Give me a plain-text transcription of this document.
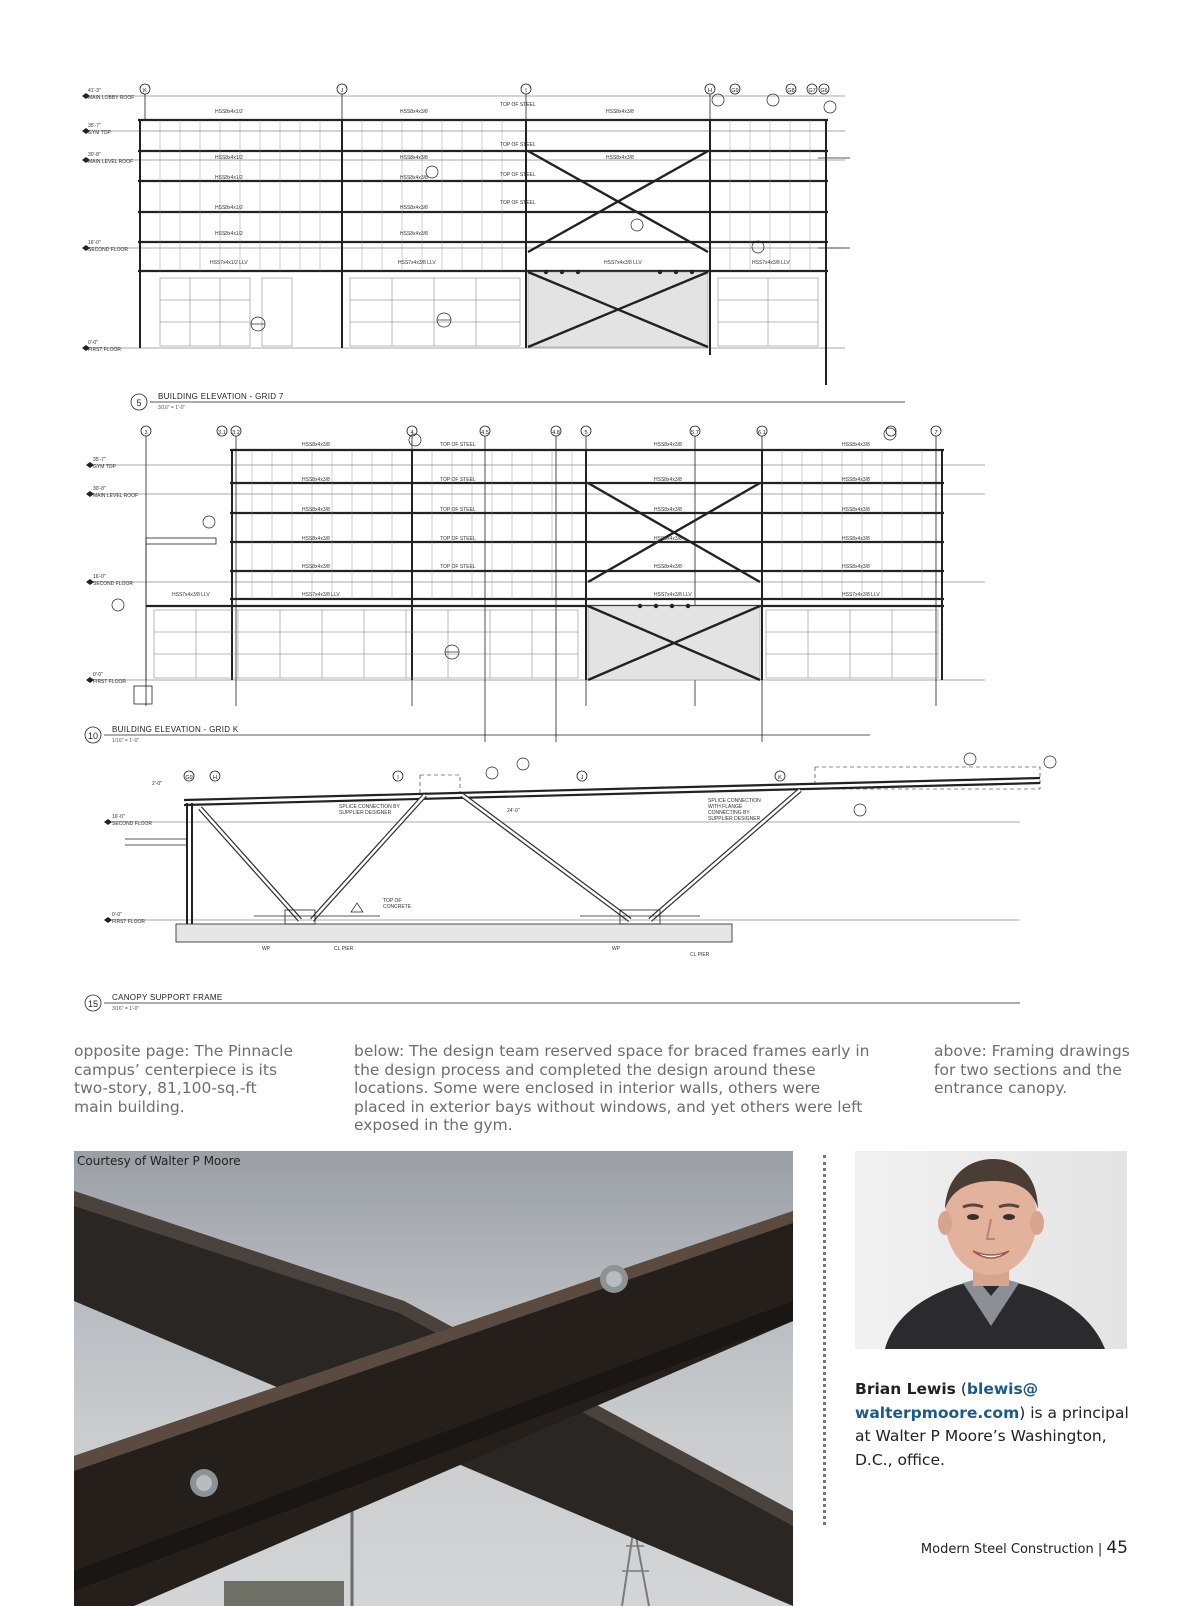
41'-3"
MAIN LOBBY ROOF
35'-7"
GYM TOP
30'-8"
MAIN LEVEL ROOF
16'-0"
SECOND FLOOR
0'-0"
FIRST FLOOR
HSS8x4x1/2	HSS8x4x3/8	HSS8x4x3/8
HSS8x4x1/2	HSS8x4x3/8	HSS8x4x3/8
HSS8x4x1/2	HSS8x4x3/8
HSS8x4x1/2	HSS8x4x3/8
HSS8x4x1/2	HSS8x4x3/8
HSS7x4x1/2 LLV	HSS7x4x3/8 LLV	HSS7x4x3/8 LLV	HSS7x4x3/8 LLV
TOP OF STEEL
TOP OF STEEL
TOP OF STEEL
TOP OF STEEL
5
BUILDING ELEVATION - GRID 7
3/16" = 1'-0"
35'-7"
GYM TOP
30'-8"
MAIN LEVEL ROOF
16'-0"
SECOND FLOOR
0'-0"
FIRST FLOOR
HSS8x4x3/8	HSS8x4x3/8	HSS8x4x3/8
HSS8x4x3/8	HSS8x4x3/8	HSS8x4x3/8
HSS8x4x3/8	HSS8x4x3/8	HSS8x4x3/8
HSS8x4x3/8	HSS8x4x3/8	HSS8x4x3/8
HSS8x4x3/8	HSS8x4x3/8	HSS8x4x3/8
HSS7x4x3/8 LLV	HSS7x4x3/8 LLV	HSS7x4x3/8 LLV	HSS7x4x3/8 LLV
TOP OF STEEL
TOP OF STEEL
TOP OF STEEL
TOP OF STEEL
TOP OF STEEL
10
BUILDING ELEVATION - GRID K
1/16" = 1'-0"
16'-0"
SECOND FLOOR
0'-0"
FIRST FLOOR
SPLICE CONNECTION BY
SUPPLIER DESIGNER
SPLICE CONNECTION
WITH FLANGE
CONNECTING BY
SUPPLIER DESIGNER
24'-0"
WP	CL PIER	WP
CL PIER
TOP OF
CONCRETE
2'-0"
15
CANOPY SUPPORT FRAME
3/16" = 1'-0"
K	J	I	H	G9	G8 G7 G6
3	3.1 3.2	4	4.5	4.8	5	5.7	6.1	7
G9	H	I	J	K
opposite page: The Pinnacle campus’ centerpiece is its two-story, 81,100-sq.-ft main building.
below: The design team reserved space for braced frames early in the design process and completed the design around these locations. Some were enclosed in interior walls, others were placed in exterior bays without windows, and yet others were left exposed in the gym.
above: Framing drawings for two sections and the entrance canopy.
Courtesy of Walter P Moore
Brian Lewis (blewis@
walterpmoore.com) is a principal at Walter P Moore’s Washington, D.C., office.
Modern Steel Construction | 45
